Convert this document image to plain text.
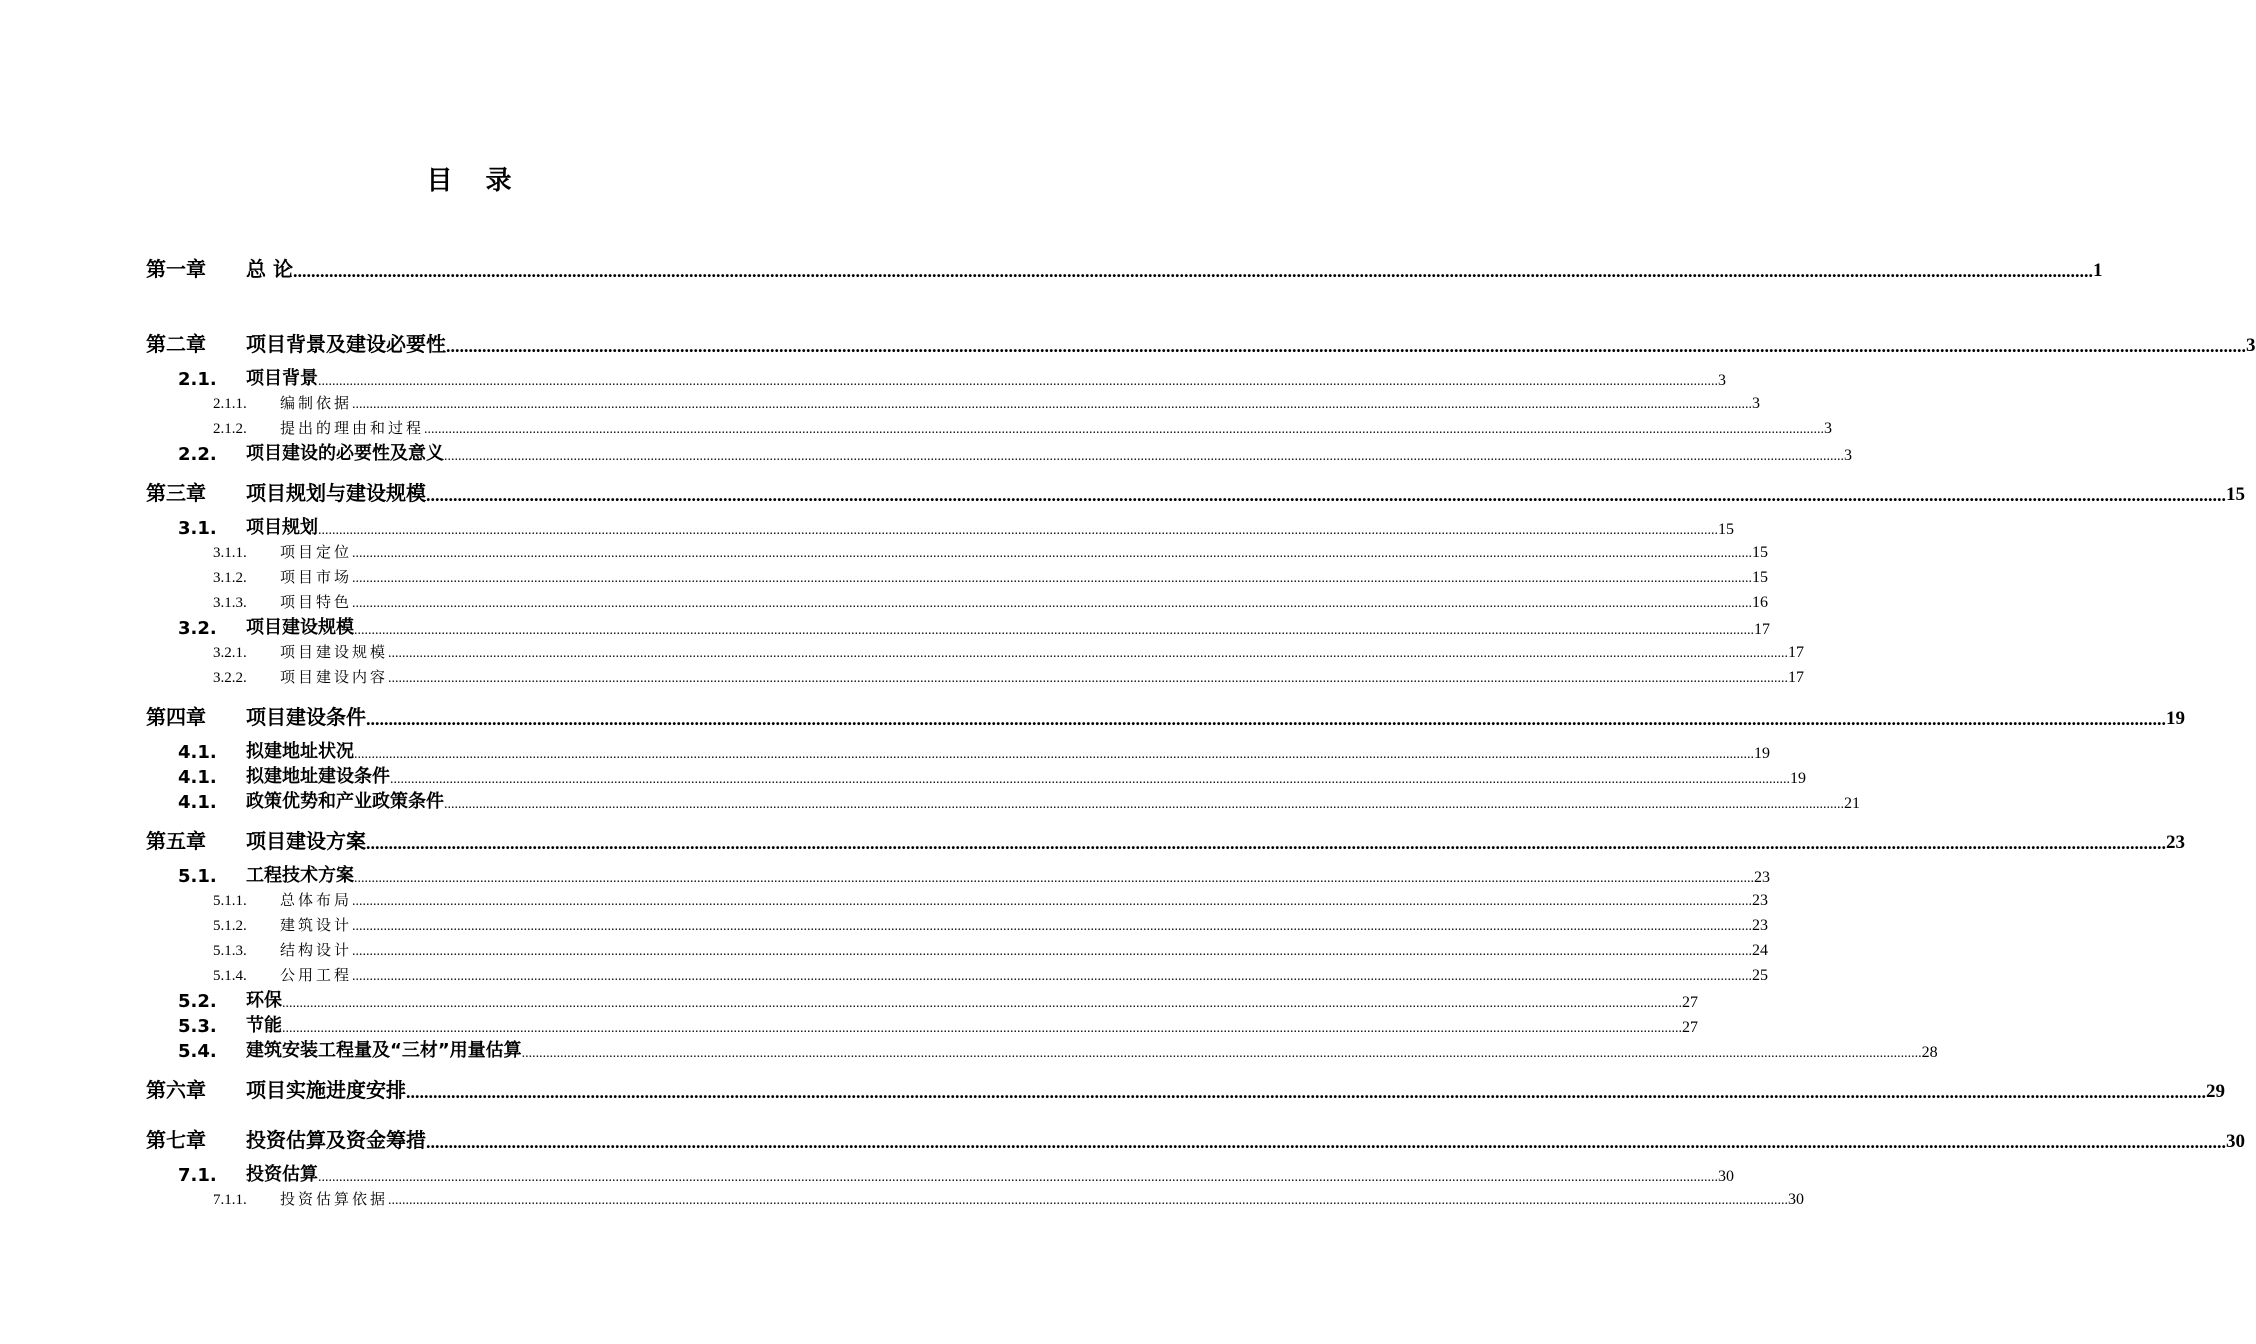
目 录
第一章	总 论 ................................................................................................................................................................................................................................................................................................................................................................................................................ 1
第二章	项目背景及建设必要性 ................................................................................................................................................................................................................................................................................................................................................................................................................ 3
2.1.	项目背景 ................................................................................................................................................................................................................................................................................................................................................................................................................ 3
2.1.1.	编制依据 ................................................................................................................................................................................................................................................................................................................................................................................................................ 3
2.1.2.	提出的理由和过程 ................................................................................................................................................................................................................................................................................................................................................................................................................ 3
2.2.	项目建设的必要性及意义 ................................................................................................................................................................................................................................................................................................................................................................................................................ 3
第三章	项目规划与建设规模 ................................................................................................................................................................................................................................................................................................................................................................................................................ 15
3.1.	项目规划 ................................................................................................................................................................................................................................................................................................................................................................................................................ 15
3.1.1.	项目定位 ................................................................................................................................................................................................................................................................................................................................................................................................................ 15
3.1.2.	项目市场 ................................................................................................................................................................................................................................................................................................................................................................................................................ 15
3.1.3.	项目特色 ................................................................................................................................................................................................................................................................................................................................................................................................................ 16
3.2.	项目建设规模 ................................................................................................................................................................................................................................................................................................................................................................................................................ 17
3.2.1.	项目建设规模 ................................................................................................................................................................................................................................................................................................................................................................................................................ 17
3.2.2.	项目建设内容 ................................................................................................................................................................................................................................................................................................................................................................................................................ 17
第四章	项目建设条件 ................................................................................................................................................................................................................................................................................................................................................................................................................ 19
4.1.	拟建地址状况 ................................................................................................................................................................................................................................................................................................................................................................................................................ 19
4.1.	拟建地址建设条件 ................................................................................................................................................................................................................................................................................................................................................................................................................ 19
4.1.	政策优势和产业政策条件 ................................................................................................................................................................................................................................................................................................................................................................................................................ 21
第五章	项目建设方案 ................................................................................................................................................................................................................................................................................................................................................................................................................ 23
5.1.	工程技术方案 ................................................................................................................................................................................................................................................................................................................................................................................................................ 23
5.1.1.	总体布局 ................................................................................................................................................................................................................................................................................................................................................................................................................ 23
5.1.2.	建筑设计 ................................................................................................................................................................................................................................................................................................................................................................................................................ 23
5.1.3.	结构设计 ................................................................................................................................................................................................................................................................................................................................................................................................................ 24
5.1.4.	公用工程 ................................................................................................................................................................................................................................................................................................................................................................................................................ 25
5.2.	环保 ................................................................................................................................................................................................................................................................................................................................................................................................................ 27
5.3.	节能 ................................................................................................................................................................................................................................................................................................................................................................................................................ 27
5.4.	建筑安装工程量及“三材”用量估算 ................................................................................................................................................................................................................................................................................................................................................................................................................ 28
第六章	项目实施进度安排 ................................................................................................................................................................................................................................................................................................................................................................................................................ 29
第七章	投资估算及资金筹措 ................................................................................................................................................................................................................................................................................................................................................................................................................ 30
7.1.	投资估算 ................................................................................................................................................................................................................................................................................................................................................................................................................ 30
7.1.1.	投资估算依据 ................................................................................................................................................................................................................................................................................................................................................................................................................ 30
